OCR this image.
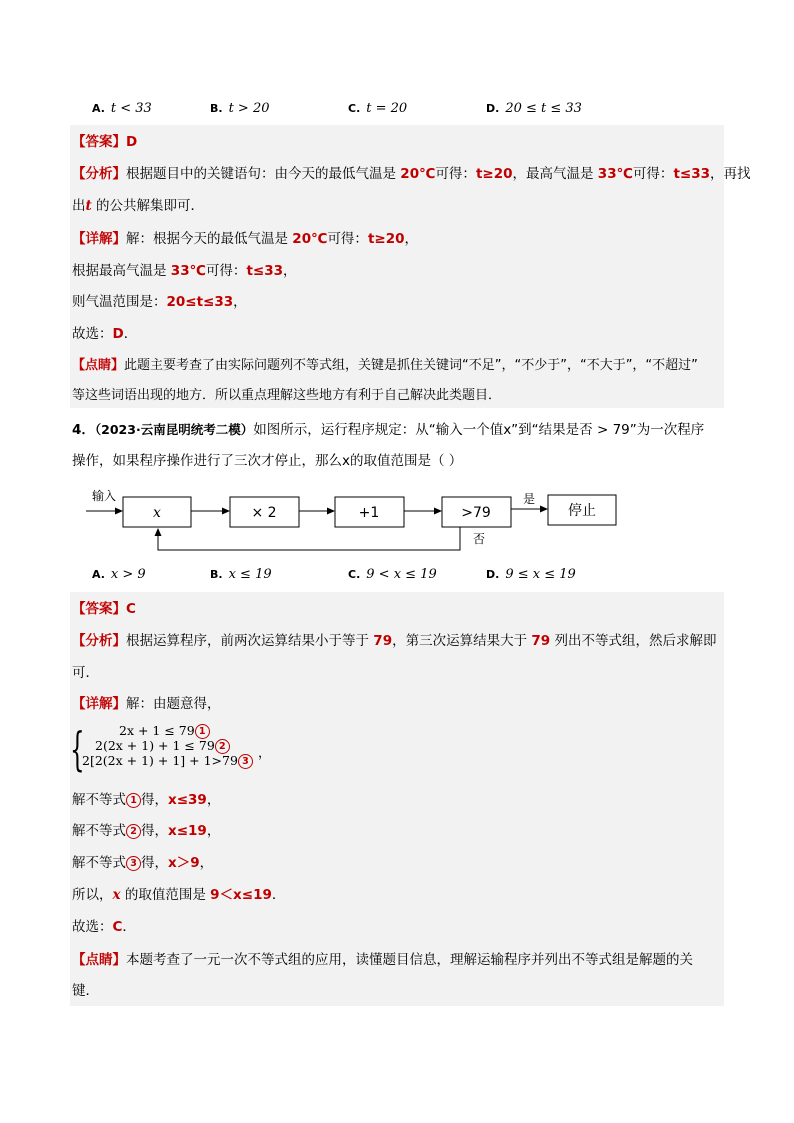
A. t < 33	B. t > 20	C. t = 20	D. 20 ≤ t ≤ 33
【答案】D
【分析】根据题目中的关键语句：由今天的最低气温是 20℃可得：t≥20，最高气温是 33℃可得：t≤33，再找
出t 的公共解集即可．
【详解】解：根据今天的最低气温是 20℃可得：t≥20，
根据最高气温是 33℃可得：t≤33，
则气温范围是：20≤t≤33，
故选：D．
【点睛】此题主要考查了由实际问题列不等式组，关键是抓住关键词“不足”，“不少于”，“不大于”，“不超过”
等这些词语出现的地方．所以重点理解这些地方有利于自己解决此类题目．
4．（2023·云南昆明统考二模）如图所示，运行程序规定：从“输入一个值x”到“结果是否 > 79”为一次程序
操作，如果程序操作进行了三次才停止，那么x的取值范围是（ ）
输入
x	× 2	+1	>79
是
停止
否
A. x > 9	B. x ≤ 19	C. 9 < x ≤ 19	D. 9 ≤ x ≤ 19
【答案】C
【分析】根据运算程序，前两次运算结果小于等于 79，第三次运算结果大于 79 列出不等式组，然后求解即
可．
【详解】解：由题意得，
{	2x + 1 ≤ 79 1
2(2x + 1) + 1 ≤ 79 2
2[2(2x + 1) + 1] + 1>79 3
，
解不等式 1 得，x≤39，
解不等式 2 得，x≤19，
解不等式 3 得，x＞9，
所以，x 的取值范围是 9＜x≤19．
故选：C．
【点睛】本题考查了一元一次不等式组的应用，读懂题目信息，理解运输程序并列出不等式组是解题的关
键．
